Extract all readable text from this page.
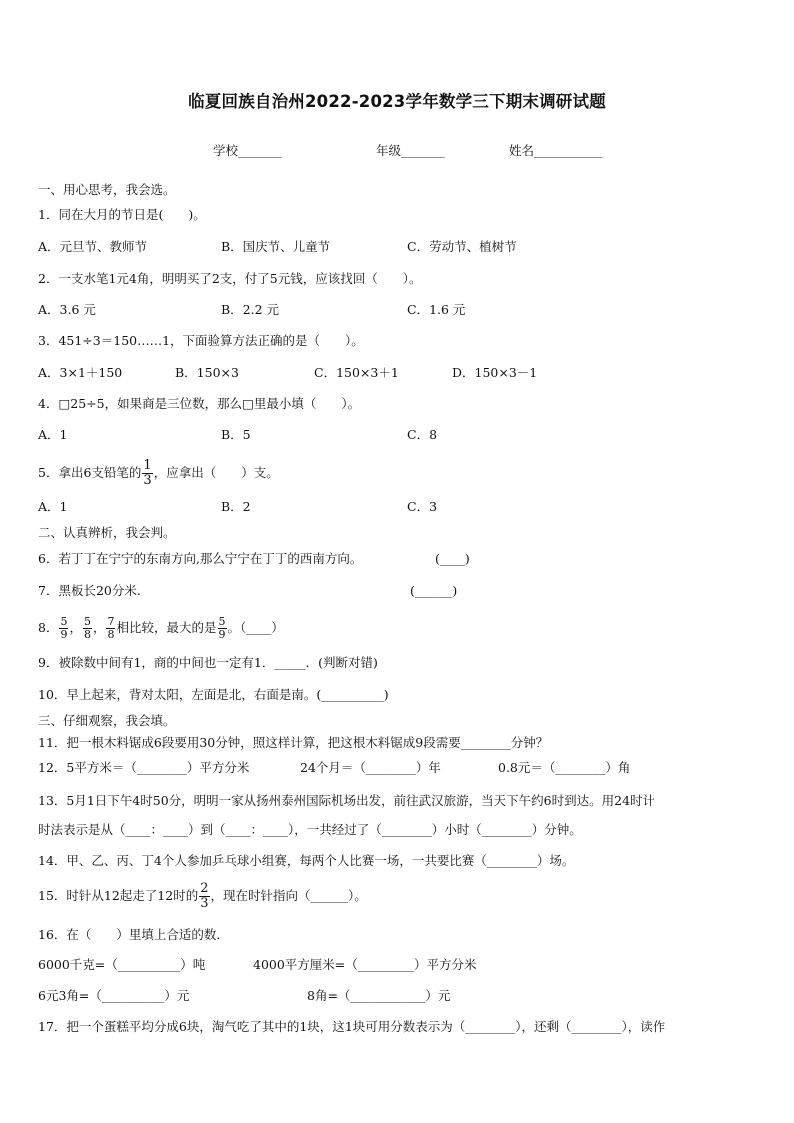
临夏回族自治州2022-2023学年数学三下期末调研试题
学校_______	年级_______	姓名___________
一、用心思考，我会选。
1．同在大月的节日是(　　)。
A．元旦节、教师节	B．国庆节、儿童节	C．劳动节、植树节
2．一支水笔1元4角，明明买了2支，付了5元钱，应该找回（　　）。
A．3.6 元	B．2.2 元	C．1.6 元
3．451÷3＝150……1，下面验算方法正确的是（　　）。
A．3×1＋150	B．150×3	C．150×3＋1	D．150×3－1
4．□25÷5，如果商是三位数，那么□里最小填（　　）。
A．1	B．5	C．8
5．拿出6支铅笔的 $\frac{1}{3}$ ，应拿出（　　）支。
A．1	B．2	C．3
二、认真辨析，我会判。
6．若丁丁在宁宁的东南方向,那么宁宁在丁丁的西南方向。	(____)
7．黑板长20分米.	(______)
8． $\frac{5}{9}$ ， $\frac{5}{8}$ ， $\frac{7}{8}$ 相比较，最大的是 $\frac{5}{9}$ 。（____）
9．被除数中间有1，商的中间也一定有1．_____．(判断对错)
10．早上起来，背对太阳，左面是北，右面是南。(__________)
三、仔细观察，我会填。
11．把一根木料锯成6段要用30分钟，照这样计算，把这根木料锯成9段需要________分钟？
12．5平方米＝（________）平方分米	24个月＝（________）年	0.8元＝（________）角
13．5月1日下午4时50分，明明一家从扬州泰州国际机场出发，前往武汉旅游，当天下午约6时到达。用24时计
时法表示是从（____：____）到（____：____），一共经过了（________）小时（________）分钟。
14．甲、乙、丙、丁4个人参加乒乓球小组赛，每两个人比赛一场，一共要比赛（________）场。
15．时针从12起走了12时的 $\frac{2}{3}$ ，现在时针指向（______）。
16．在（　　）里填上合适的数．
6000千克=（__________）吨	4000平方厘米=（_________）平方分米
6元3角=（__________）元	8角=（____________）元
17．把一个蛋糕平均分成6块，淘气吃了其中的1块，这1块可用分数表示为（________），还剩（________），读作
